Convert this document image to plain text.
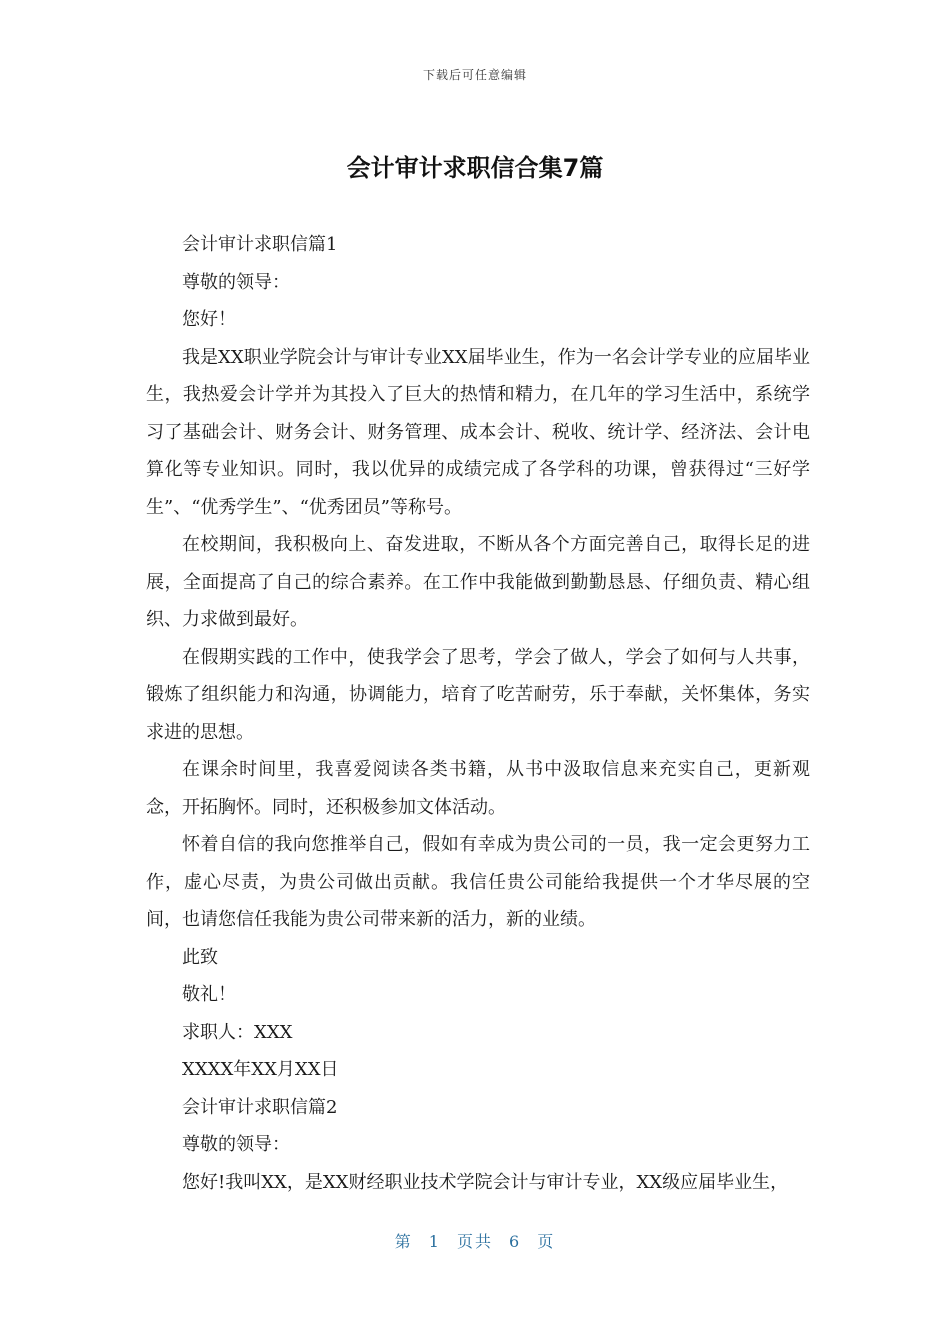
下载后可任意编辑
会计审计求职信合集7篇

会计审计求职信篇1

尊敬的领导：

您好！

我是XX职业学院会计与审计专业XX届毕业生，作为一名会计学专业的应届毕业生，我热爱会计学并为其投入了巨大的热情和精力，在几年的学习生活中，系统学习了基础会计、财务会计、财务管理、成本会计、税收、统计学、经济法、会计电算化等专业知识。同时，我以优异的成绩完成了各学科的功课，曾获得过“三好学生”、“优秀学生”、“优秀团员”等称号。

在校期间，我积极向上、奋发进取，不断从各个方面完善自己，取得长足的进展，全面提高了自己的综合素养。在工作中我能做到勤勤恳恳、仔细负责、精心组织、力求做到最好。

在假期实践的工作中，使我学会了思考，学会了做人，学会了如何与人共事，锻炼了组织能力和沟通，协调能力，培育了吃苦耐劳，乐于奉献，关怀集体，务实求进的思想。

在课余时间里，我喜爱阅读各类书籍，从书中汲取信息来充实自己，更新观念，开拓胸怀。同时，还积极参加文体活动。

怀着自信的我向您推举自己，假如有幸成为贵公司的一员，我一定会更努力工作，虚心尽责，为贵公司做出贡献。我信任贵公司能给我提供一个才华尽展的空间，也请您信任我能为贵公司带来新的活力，新的业绩。

此致

敬礼！

求职人：XXX

XXXX年XX月XX日

会计审计求职信篇2

尊敬的领导：

您好!我叫XX，是XX财经职业技术学院会计与审计专业，XX级应届毕业生，

第 1 页共 6 页
